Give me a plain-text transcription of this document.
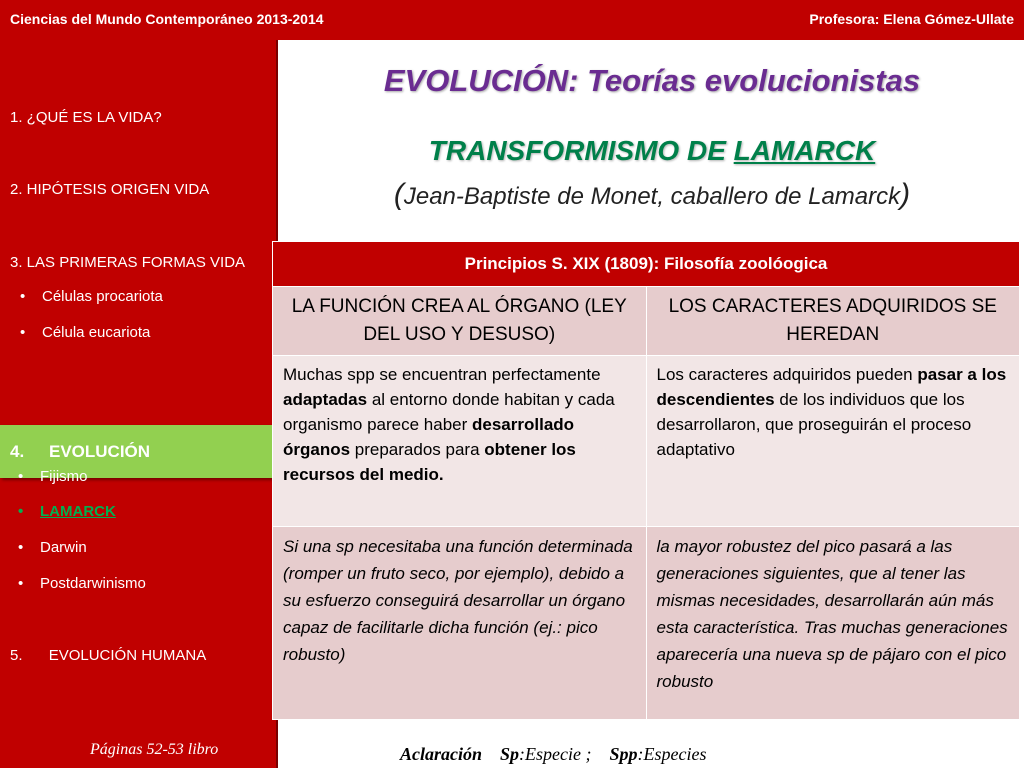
Ciencias del Mundo Contemporáneo 2013-2014	Profesora: Elena Gómez-Ullate
1. ¿QUÉ ES LA VIDA?
2. HIPÓTESIS ORIGEN VIDA
3. LAS PRIMERAS FORMAS VIDA
• Células procariota
• Célula eucariota
4. EVOLUCIÓN
• Fijismo
• LAMARCK
• Darwin
• Postdarwinismo
5. EVOLUCIÓN HUMANA
Páginas 52-53 libro
EVOLUCIÓN: Teorías evolucionistas
TRANSFORMISMO DE LAMARCK
(Jean-Baptiste de Monet, caballero de Lamarck)
Principios S. XIX (1809): Filosofía zoolóogica	
LA FUNCIÓN CREA AL ÓRGANO (LEY DEL USO Y DESUSO)	LOS CARACTERES ADQUIRIDOS SE HEREDAN
Muchas spp se encuentran perfectamente adaptadas al entorno donde habitan y cada organismo parece haber desarrollado órganos preparados para obtener los recursos del medio.	Los caracteres adquiridos pueden pasar a los descendientes de los individuos que los desarrollaron, que proseguirán el proceso adaptativo
Si una sp necesitaba una función determinada (romper un fruto seco, por ejemplo), debido a su esfuerzo conseguirá desarrollar un órgano capaz de facilitarle dicha función (ej.: pico robusto)	la mayor robustez del pico pasará a las generaciones siguientes, que al tener las mismas necesidades, desarrollarán aún más esta característica. Tras muchas generaciones aparecería una nueva sp de pájaro con el pico robusto
Aclaración Sp:Especie ; Spp:Especies
